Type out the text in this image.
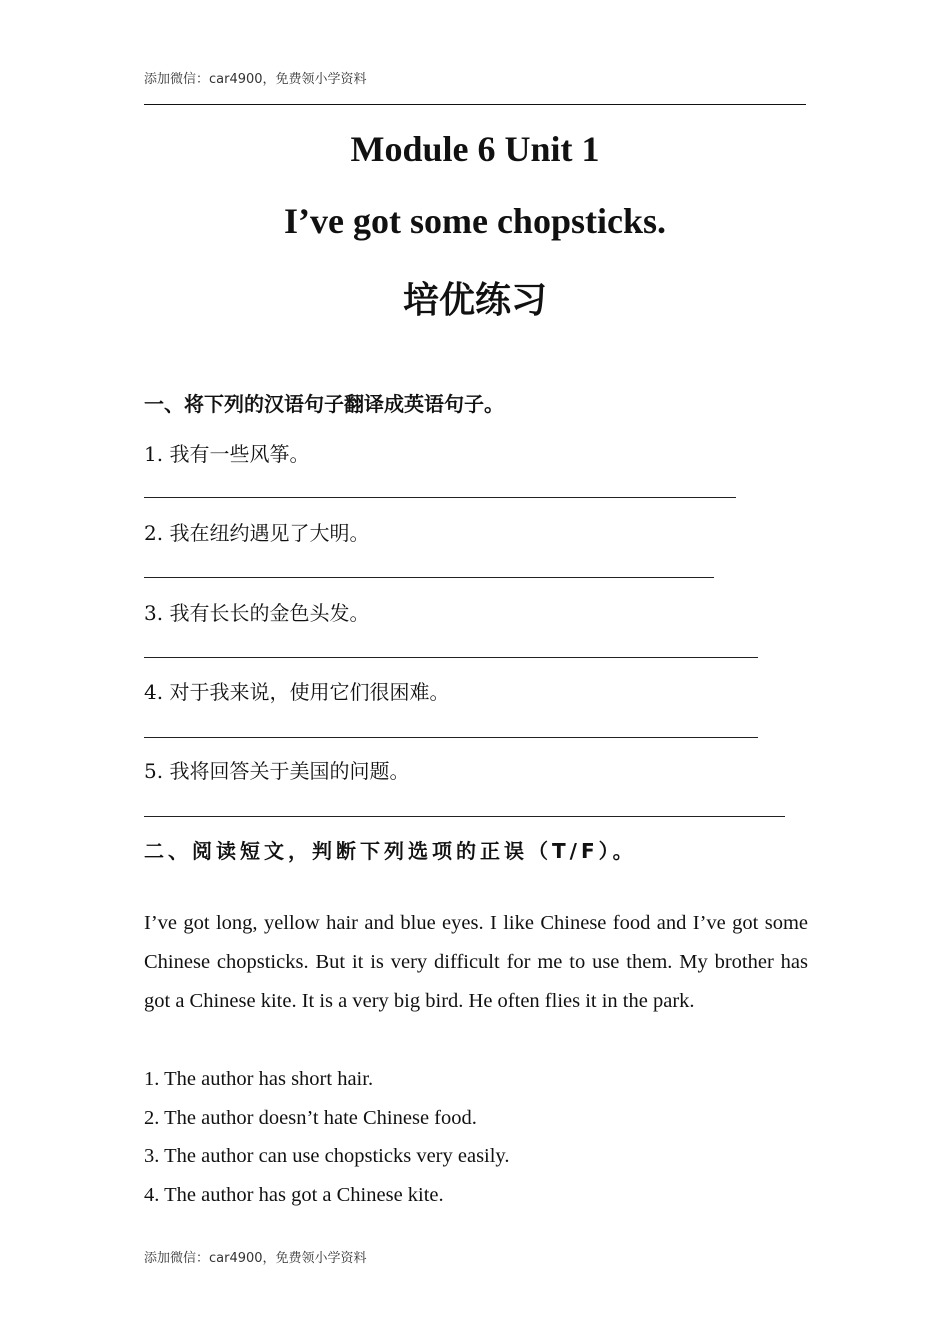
添加微信：car4900，免费领小学资料
Module 6 Unit 1
I’ve got some chopsticks.
培优练习
一、将下列的汉语句子翻译成英语句子。
1. 我有一些风筝。
2. 我在纽约遇见了大明。
3. 我有长长的金色头发。
4. 对于我来说，使用它们很困难。
5. 我将回答关于美国的问题。
二、阅读短文，判断下列选项的正误（T/F）。
I’ve got long, yellow hair and blue eyes. I like Chinese food and I’ve got some Chinese chopsticks. But it is very difficult for me to use them. My brother has got a Chinese kite. It is a very big bird. He often flies it in the park.
1. The author has short hair.
2. The author doesn’t hate Chinese food.
3. The author can use chopsticks very easily.
4. The author has got a Chinese kite.
添加微信：car4900，免费领小学资料
